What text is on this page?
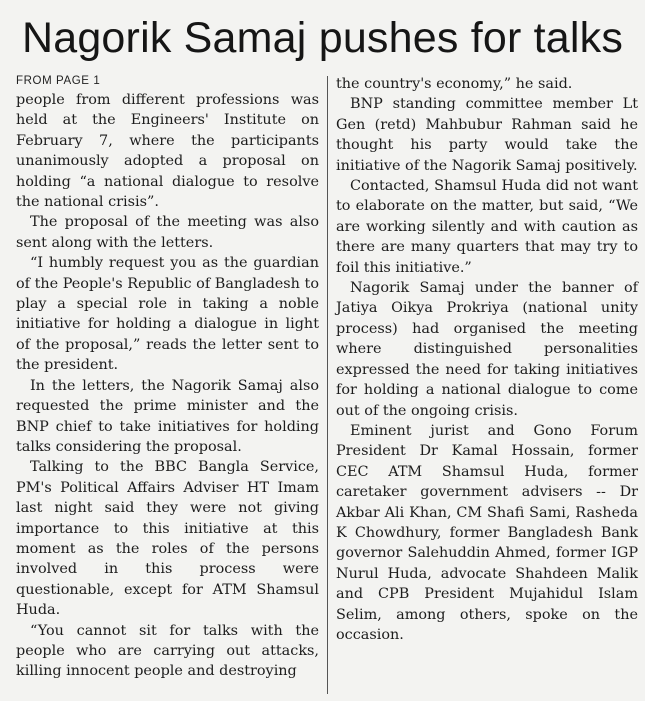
Nagorik Samaj pushes for talks
FROM PAGE 1

people from different professions was held at the Engineers' Institute on February 7, where the participants unanimously adopted a proposal on holding “a national dialogue to resolve the national crisis”.

The proposal of the meeting was also sent along with the letters.

“I humbly request you as the guardian of the People's Republic of Bangladesh to play a special role in taking a noble initiative for holding a dialogue in light of the proposal,” reads the letter sent to the president.

In the letters, the Nagorik Samaj also requested the prime minister and the BNP chief to take initiatives for holding talks considering the proposal.

Talking to the BBC Bangla Service, PM's Political Affairs Adviser HT Imam last night said they were not giving importance to this initiative at this moment as the roles of the persons involved in this process were questionable, except for ATM Shamsul Huda.

“You cannot sit for talks with the people who are carrying out attacks, killing innocent people and destroying

the country's economy,” he said.

BNP standing committee member Lt Gen (retd) Mahbubur Rahman said he thought his party would take the initiative of the Nagorik Samaj positively.

Contacted, Shamsul Huda did not want to elaborate on the matter, but said, “We are working silently and with caution as there are many quarters that may try to foil this initiative.”

Nagorik Samaj under the banner of Jatiya Oikya Prokriya (national unity process) had organised the meeting where distinguished personalities expressed the need for taking initiatives for holding a national dialogue to come out of the ongoing crisis.

Eminent jurist and Gono Forum President Dr Kamal Hossain, former CEC ATM Shamsul Huda, former caretaker government advisers -- Dr Akbar Ali Khan, CM Shafi Sami, Rasheda K Chowdhury, former Bangladesh Bank governor Salehuddin Ahmed, former IGP Nurul Huda, advocate Shahdeen Malik and CPB President Mujahidul Islam Selim, among others, spoke on the occasion.
